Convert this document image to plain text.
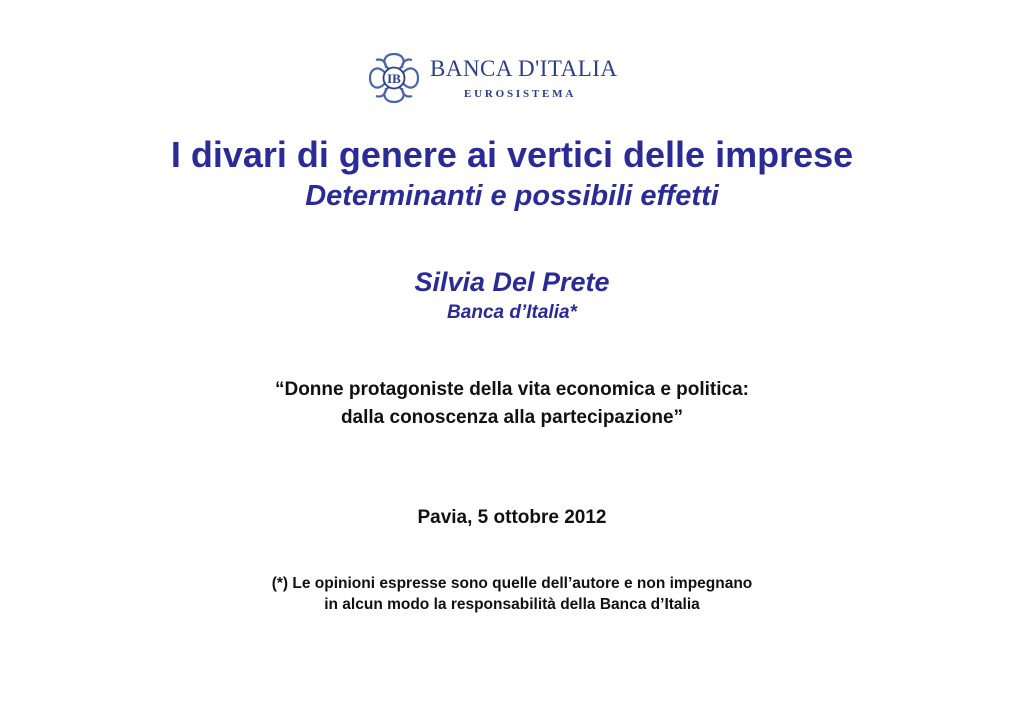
IB BANCA D'ITALIA
EUROSISTEMA
I divari di genere ai vertici delle imprese
Determinanti e possibili effetti
Silvia Del Prete
Banca d’Italia*
“Donne protagoniste della vita economica e politica:
dalla conoscenza alla partecipazione”
Pavia, 5 ottobre 2012
(*) Le opinioni espresse sono quelle dell’autore e non impegnano
in alcun modo la responsabilità della Banca d’Italia
